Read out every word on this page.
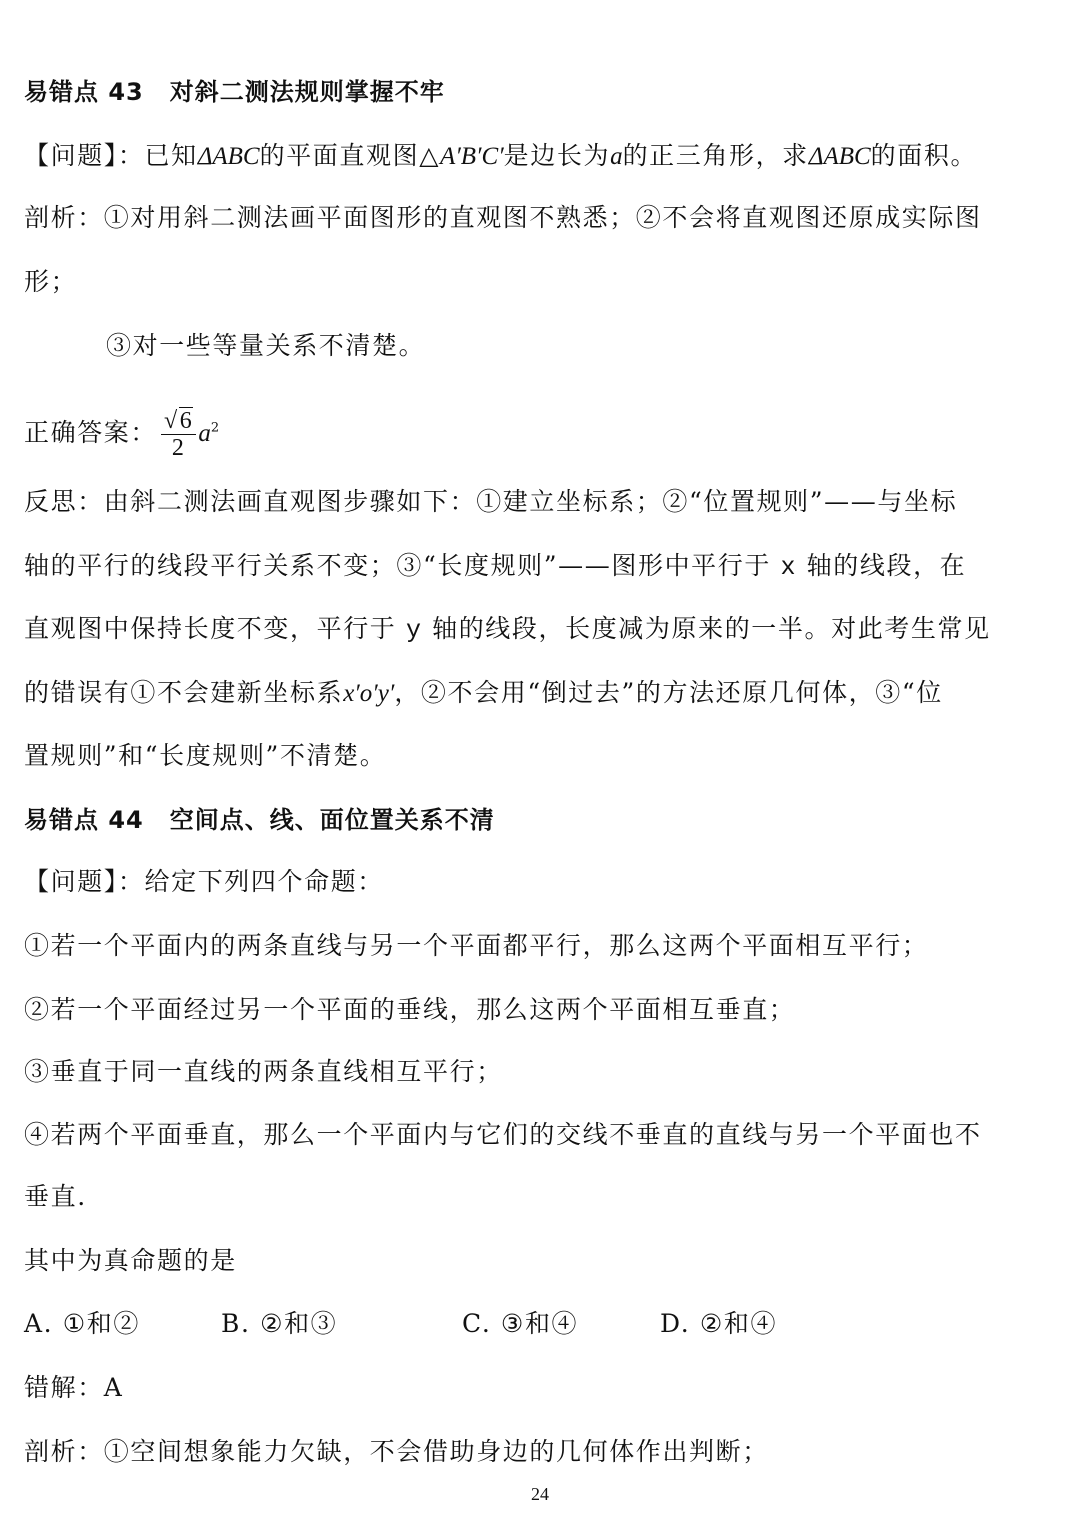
易错点 43 对斜二测法规则掌握不牢
【问题】：已知ΔABC的平面直观图△A′B′C′是边长为a的正三角形，求ΔABC的面积。
剖析：①对用斜二测法画平面图形的直观图不熟悉；②不会将直观图还原成实际图
形；
③对一些等量关系不清楚。
正确答案： $\frac{√6}{2} a^2$
反思：由斜二测法画直观图步骤如下：①建立坐标系；②“位置规则”——与坐标
轴的平行的线段平行关系不变；③“长度规则”——图形中平行于 x 轴的线段，在
直观图中保持长度不变，平行于 y 轴的线段，长度减为原来的一半。对此考生常见
的错误有①不会建新坐标系x′o′y′，②不会用“倒过去”的方法还原几何体，③“位
置规则”和“长度规则”不清楚。
易错点 44 空间点、线、面位置关系不清
【问题】：给定下列四个命题：
①若一个平面内的两条直线与另一个平面都平行，那么这两个平面相互平行；
②若一个平面经过另一个平面的垂线，那么这两个平面相互垂直；
③垂直于同一直线的两条直线相互平行；
④若两个平面垂直，那么一个平面内与它们的交线不垂直的直线与另一个平面也不
垂直.
其中为真命题的是
A. ①和②	B. ②和③	C. ③和④	D. ②和④
错解：A
剖析：①空间想象能力欠缺，不会借助身边的几何体作出判断；
24
